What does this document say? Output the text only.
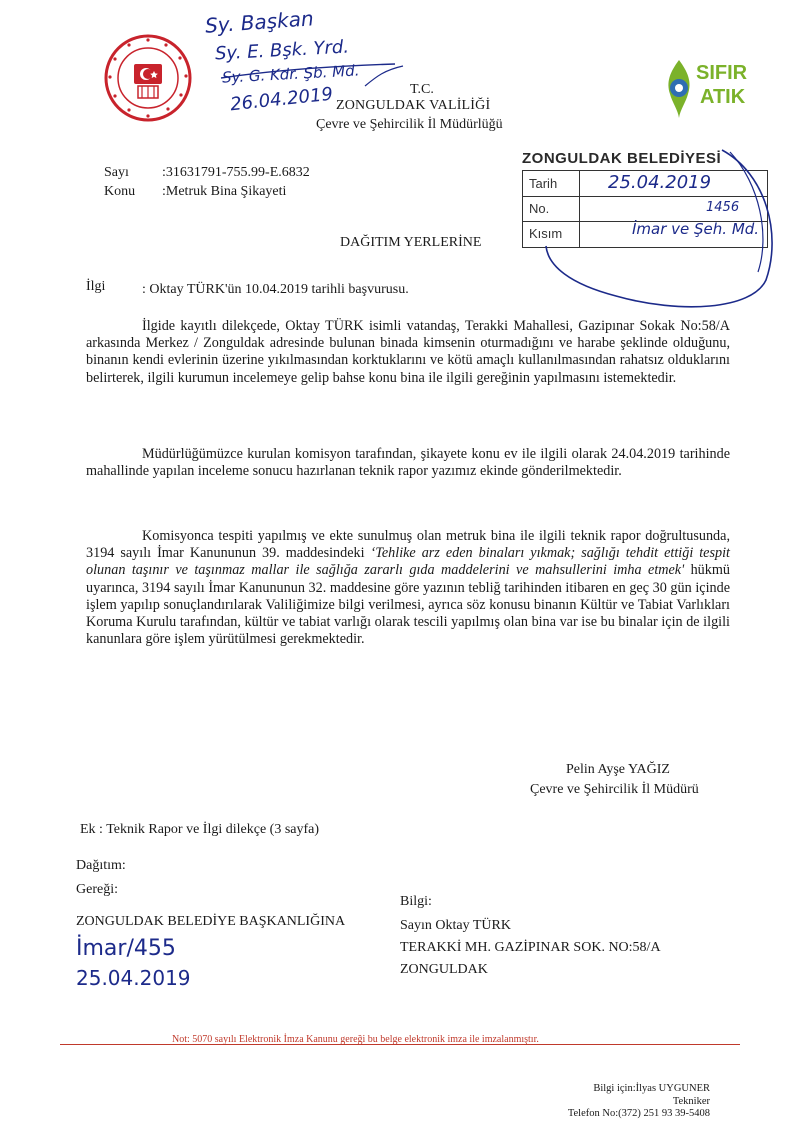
SIFIR
ATIK
T.C.
ZONGULDAK VALİLİĞİ
Çevre ve Şehircilik İl Müdürlüğü
Sy. Başkan
Sy. E. Bşk. Yrd.
Sy. G. Kdr. Şb. Md.
26.04.2019
Sayı :31631791-755.99-E.6832
Konu :Metruk Bina Şikayeti
ZONGULDAK BELEDİYESİ
Tarih
No.
Kısım
25.04.2019
1456
İmar ve Şeh. Md.
DAĞITIM YERLERİNE
İlgi	: Oktay TÜRK'ün 10.04.2019 tarihli başvurusu.
İlgide kayıtlı dilekçede, Oktay TÜRK isimli vatandaş, Terakki Mahallesi, Gazipınar Sokak No:58/A arkasında Merkez / Zonguldak adresinde bulunan binada kimsenin oturmadığını ve harabe şeklinde olduğunu, binanın kendi evlerinin üzerine yıkılmasından korktuklarını ve kötü amaçlı kullanılmasından rahatsız olduklarını belirterek, ilgili kurumun incelemeye gelip bahse konu bina ile ilgili gereğinin yapılmasını istemektedir.
Müdürlüğümüzce kurulan komisyon tarafından, şikayete konu ev ile ilgili olarak 24.04.2019 tarihinde mahallinde yapılan inceleme sonucu hazırlanan teknik rapor yazımız ekinde gönderilmektedir.
Komisyonca tespiti yapılmış ve ekte sunulmuş olan metruk bina ile ilgili teknik rapor doğrultusunda, 3194 sayılı İmar Kanununun 39. maddesindeki ‘Tehlike arz eden binaları yıkmak; sağlığı tehdit ettiği tespit olunan taşınır ve taşınmaz mallar ile sağlığa zararlı gıda maddelerini ve mahsullerini imha etmek' hükmü uyarınca, 3194 sayılı İmar Kanununun 32. maddesine göre yazının tebliğ tarihinden itibaren en geç 30 gün içinde işlem yapılıp sonuçlandırılarak Valiliğimize bilgi verilmesi, ayrıca söz konusu binanın Kültür ve Tabiat Varlıkları Koruma Kurulu tarafından, kültür ve tabiat varlığı olarak tescili yapılmış olan bina var ise bu binalar için de ilgili kanunlara göre işlem yürütülmesi gerekmektedir.
Pelin Ayşe YAĞIZ
Çevre ve Şehircilik İl Müdürü
Ek : Teknik Rapor ve İlgi dilekçe (3 sayfa)
Dağıtım:
Gereği:
ZONGULDAK BELEDİYE BAŞKANLIĞINA
Bilgi:
Sayın Oktay TÜRK
TERAKKİ MH. GAZİPINAR SOK. NO:58/A
ZONGULDAK
İmar/455
25.04.2019
Not: 5070 sayılı Elektronik İmza Kanunu gereği bu belge elektronik imza ile imzalanmıştır.
Bilgi için:İlyas UYGUNER
Tekniker
Telefon No:(372) 251 93 39-5408
